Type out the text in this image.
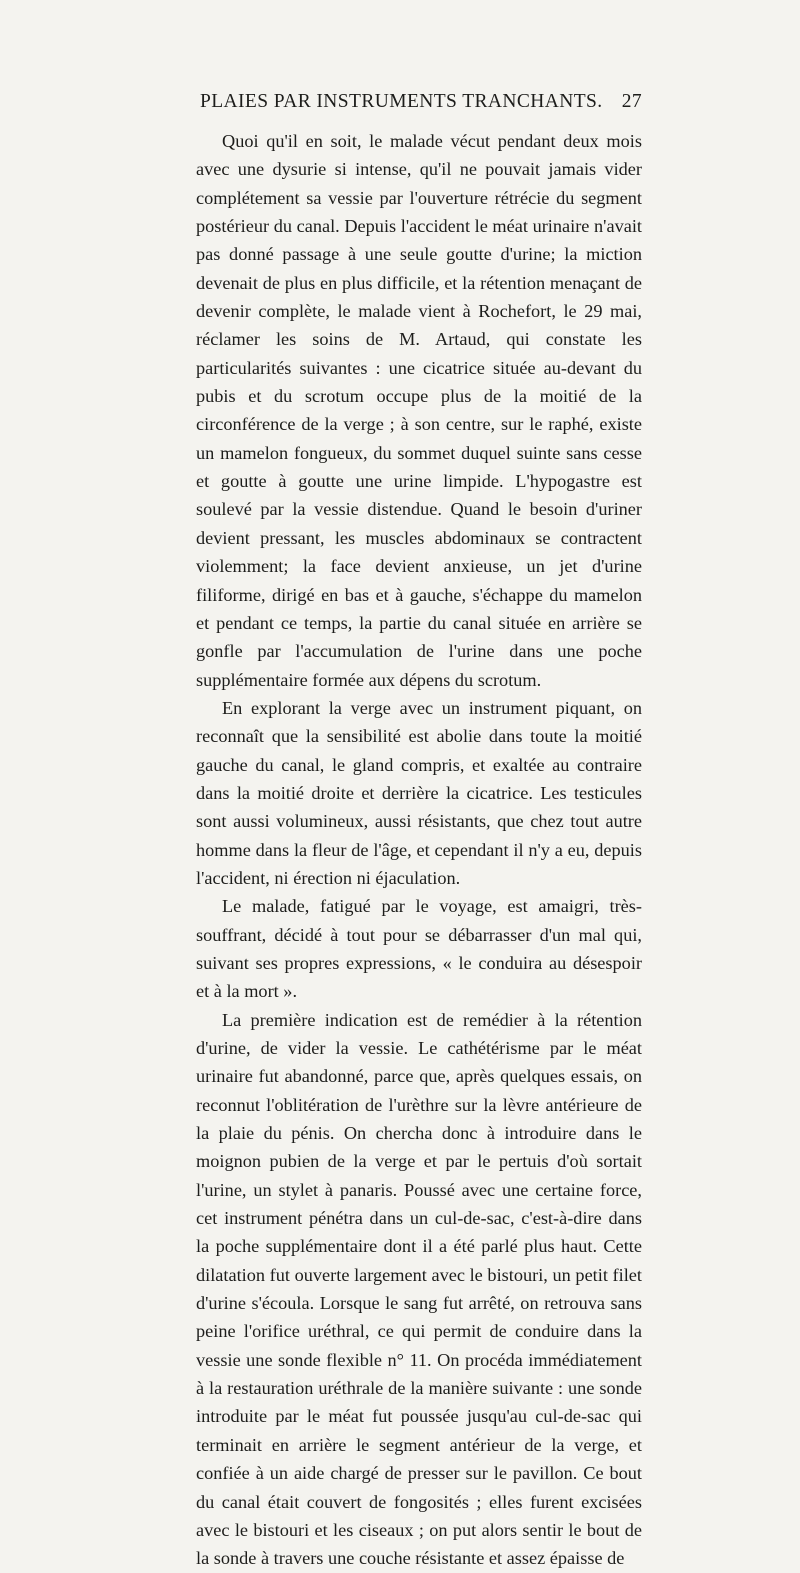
PLAIES PAR INSTRUMENTS TRANCHANTS. 27

Quoi qu'il en soit, le malade vécut pendant deux mois avec une dysurie si intense, qu'il ne pouvait jamais vider complétement sa vessie par l'ouverture rétrécie du segment postérieur du canal. Depuis l'accident le méat urinaire n'avait pas donné passage à une seule goutte d'urine; la miction devenait de plus en plus difficile, et la rétention menaçant de devenir complète, le malade vient à Rochefort, le 29 mai, réclamer les soins de M. Artaud, qui constate les particularités suivantes : une cicatrice située au-devant du pubis et du scrotum occupe plus de la moitié de la circonférence de la verge ; à son centre, sur le raphé, existe un mamelon fongueux, du sommet duquel suinte sans cesse et goutte à goutte une urine limpide. L'hypogastre est soulevé par la vessie distendue. Quand le besoin d'uriner devient pressant, les muscles abdominaux se contractent violemment; la face devient anxieuse, un jet d'urine filiforme, dirigé en bas et à gauche, s'échappe du mamelon et pendant ce temps, la partie du canal située en arrière se gonfle par l'accumulation de l'urine dans une poche supplémentaire formée aux dépens du scrotum.

En explorant la verge avec un instrument piquant, on reconnaît que la sensibilité est abolie dans toute la moitié gauche du canal, le gland compris, et exaltée au contraire dans la moitié droite et derrière la cicatrice. Les testicules sont aussi volumineux, aussi résistants, que chez tout autre homme dans la fleur de l'âge, et cependant il n'y a eu, depuis l'accident, ni érection ni éjaculation.

Le malade, fatigué par le voyage, est amaigri, très-souffrant, décidé à tout pour se débarrasser d'un mal qui, suivant ses propres expressions, « le conduira au désespoir et à la mort ».

La première indication est de remédier à la rétention d'urine, de vider la vessie. Le cathétérisme par le méat urinaire fut abandonné, parce que, après quelques essais, on reconnut l'oblitération de l'urèthre sur la lèvre antérieure de la plaie du pénis. On chercha donc à introduire dans le moignon pubien de la verge et par le pertuis d'où sortait l'urine, un stylet à panaris. Poussé avec une certaine force, cet instrument pénétra dans un cul-de-sac, c'est-à-dire dans la poche supplémentaire dont il a été parlé plus haut. Cette dilatation fut ouverte largement avec le bistouri, un petit filet d'urine s'écoula. Lorsque le sang fut arrêté, on retrouva sans peine l'orifice uréthral, ce qui permit de conduire dans la vessie une sonde flexible n° 11. On procéda immédiatement à la restauration uréthrale de la manière suivante : une sonde introduite par le méat fut poussée jusqu'au cul-de-sac qui terminait en arrière le segment antérieur de la verge, et confiée à un aide chargé de presser sur le pavillon. Ce bout du canal était couvert de fongosités ; elles furent excisées avec le bistouri et les ciseaux ; on put alors sentir le bout de la sonde à travers une couche résistante et assez épaisse de
